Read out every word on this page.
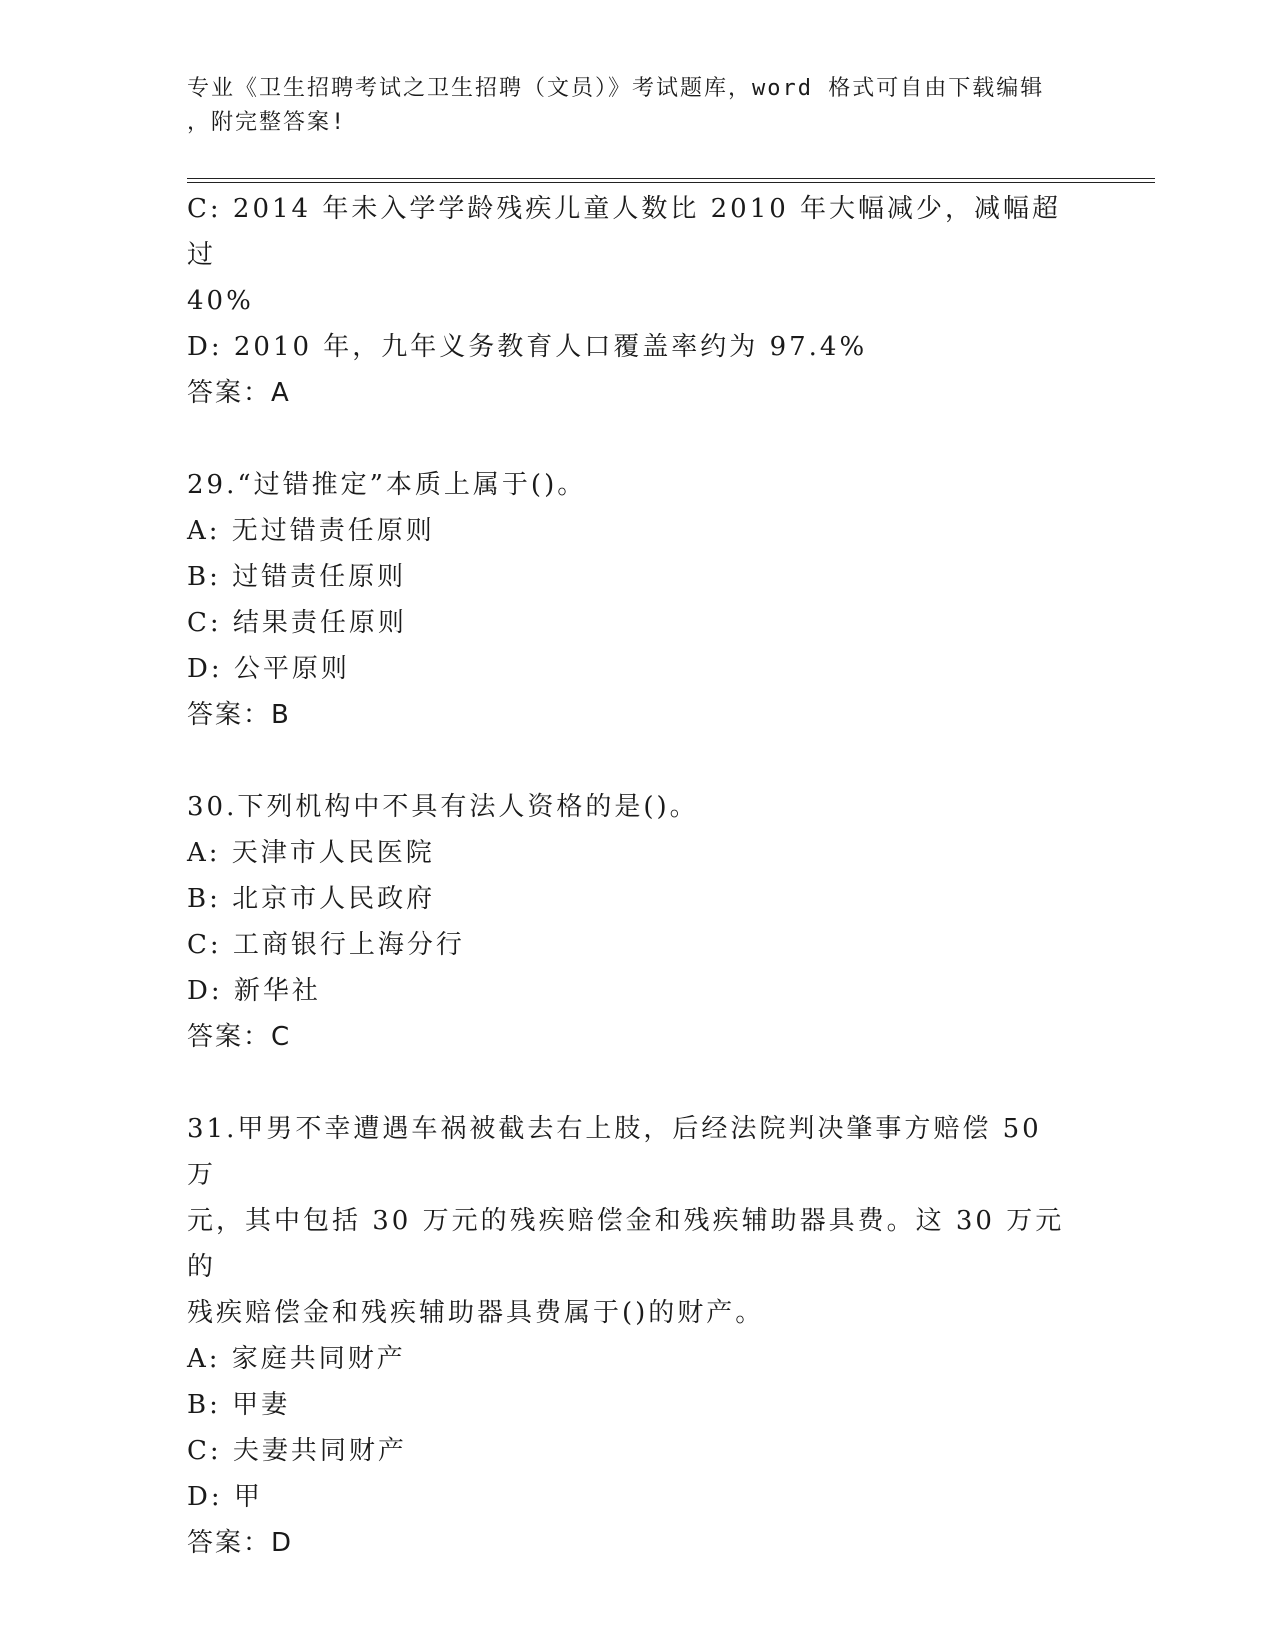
专业《卫生招聘考试之卫生招聘（文员）》考试题库，word 格式可自由下载编辑
，附完整答案!
C: 2014 年未入学学龄残疾儿童人数比 2010 年大幅减少，减幅超过
40%
D: 2010 年，九年义务教育人口覆盖率约为 97.4%
答案：A
29.“过错推定”本质上属于()。
A: 无过错责任原则
B: 过错责任原则
C: 结果责任原则
D: 公平原则
答案：B
30.下列机构中不具有法人资格的是()。
A: 天津市人民医院
B: 北京市人民政府
C: 工商银行上海分行
D: 新华社
答案：C
31.甲男不幸遭遇车祸被截去右上肢，后经法院判决肇事方赔偿 50 万
元，其中包括 30 万元的残疾赔偿金和残疾辅助器具费。这 30 万元的
残疾赔偿金和残疾辅助器具费属于()的财产。
A: 家庭共同财产
B: 甲妻
C: 夫妻共同财产
D: 甲
答案：D
